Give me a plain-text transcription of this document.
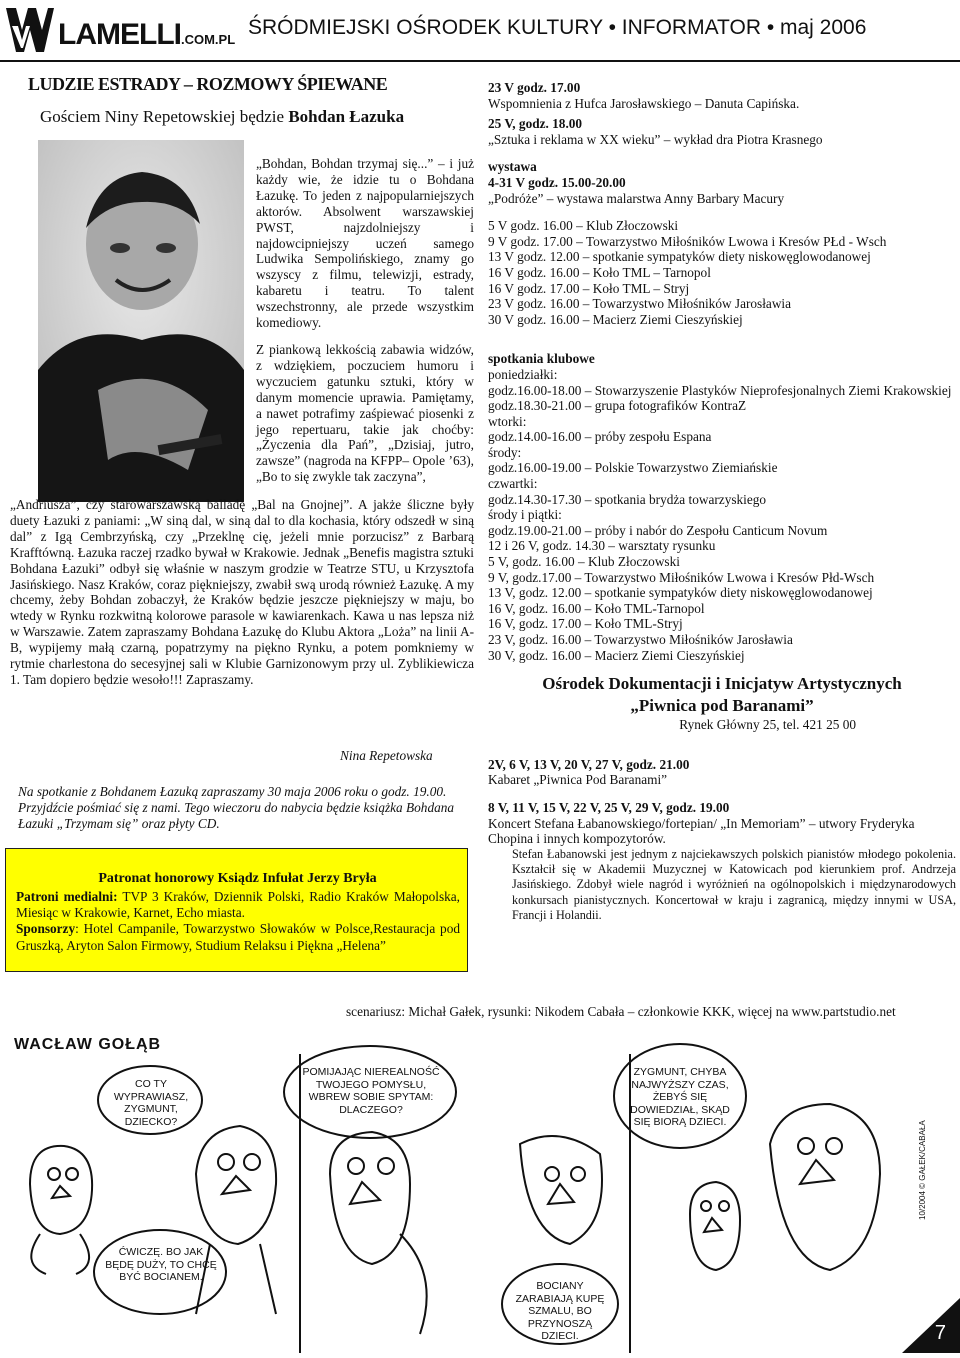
LAMELLI.COM.PL
ŚRÓDMIEJSKI OŚRODEK KULTURY • INFORMATOR • maj 2006
LUDZIE ESTRADY – ROZMOWY ŚPIEWANE
Gościem Niny Repetowskiej będzie Bohdan Łazuka
„Bohdan, Bohdan trzymaj się...” – i już każdy wie, że idzie tu o Bohdana Łazukę. To jeden z najpopularniejszych aktorów. Absolwent warszawskiej PWST, najzdolniejszy i najdowcipniejszy uczeń samego Ludwika Sempolińskiego, znamy go wszyscy z filmu, telewizji, estrady, kabaretu i teatru. To talent wszechstronny, ale przede wszystkim komediowy.
Z piankową lekkością zabawia widzów, z wdziękiem, poczuciem humoru i wyczuciem gatunku sztuki, który w danym momencie uprawia. Pamiętamy, a nawet potrafimy zaśpiewać piosenki z jego repertuaru, takie jak choćby: „Życzenia dla Pań”, „Dzisiaj, jutro, zawsze” (nagroda na KFPP– Opole ’63), „Bo to się zwykle tak zaczyna”,
„Andriusza”, czy starowarszawską balladę „Bal na Gnojnej”. A jakże śliczne były duety Łazuki z paniami: „W siną dal, w siną dal to dla kochasia, który odszedł w siną dal” z Igą Cembrzyńską, czy „Przeklnę cię, jeżeli mnie porzucisz” z Barbarą Krafftówną. Łazuka raczej rzadko bywał w Krakowie. Jednak „Benefis magistra sztuki Bohdana Łazuki” odbył się właśnie w naszym grodzie w Teatrze STU, u Krzysztofa Jasińskiego. Nasz Kraków, coraz piękniejszy, zwabił swą urodą również Łazukę. A my chcemy, żeby Bohdan zobaczył, że Kraków będzie jeszcze piękniejszy w maju, bo wtedy w Rynku rozkwitną kolorowe parasole w kawiarenkach. Kawa u nas lepsza niż w Warszawie. Zatem zapraszamy Bohdana Łazukę do Klubu Aktora „Loża” na linii A-B, wypijemy małą czarną, popatrzymy na piękno Rynku, a potem pomkniemy w rytmie charlestona do secesyjnej sali w Klubie Garnizonowym przy ul. Zyblikiewicza 1. Tam dopiero będzie wesoło!!! Zapraszamy.
Nina Repetowska
Na spotkanie z Bohdanem Łazuką zapraszamy 30 maja 2006 roku o godz. 19.00. Przyjdźcie pośmiać się z nami. Tego wieczoru do nabycia będzie książka Bohdana Łazuki „Trzymam się” oraz płyty CD.
Patronat honorowy Ksiądz Infułat Jerzy Bryła
Patroni medialni: TVP 3 Kraków, Dziennik Polski, Radio Kraków Małopolska, Miesiąc w Krakowie, Karnet, Echo miasta.
Sponsorzy: Hotel Campanile, Towarzystwo Słowaków w Polsce,Restauracja pod Gruszką, Aryton Salon Firmowy, Studium Relaksu i Piękna „Helena”
23 V godz. 17.00
Wspomnienia z Hufca Jarosławskiego – Danuta Capińska.
25 V, godz. 18.00
„Sztuka i reklama w XX wieku” – wykład dra Piotra Krasnego
wystawa
4-31 V godz. 15.00-20.00
„Podróże” – wystawa malarstwa Anny Barbary Macury
5 V godz. 16.00 – Klub Złoczowski
9 V godz. 17.00 – Towarzystwo Miłośników Lwowa i Kresów PŁd - Wsch
13 V godz. 12.00 – spotkanie sympatyków diety niskowęglowodanowej
16 V godz. 16.00 – Koło TML – Tarnopol
16 V godz. 17.00 – Koło TML – Stryj
23 V godz. 16.00 – Towarzystwo Miłośników Jarosławia
30 V godz. 16.00 – Macierz Ziemi Cieszyńskiej
spotkania klubowe
poniedziałki:
godz.16.00-18.00 – Stowarzyszenie Plastyków Nieprofesjonalnych Ziemi Krakowskiej
godz.18.30-21.00 – grupa fotografików KontraZ
wtorki:
godz.14.00-16.00 – próby zespołu Espana
środy:
godz.16.00-19.00 – Polskie Towarzystwo Ziemiańskie
czwartki:
godz.14.30-17.30 – spotkania brydża towarzyskiego
środy i piątki:
godz.19.00-21.00 – próby i nabór do Zespołu Canticum Novum
12 i 26 V, godz. 14.30 – warsztaty rysunku
5 V, godz. 16.00 – Klub Złoczowski
9 V, godz.17.00 – Towarzystwo Miłośników Lwowa i Kresów Płd-Wsch
13 V, godz. 12.00 – spotkanie sympatyków diety niskowęglowodanowej
16 V, godz. 16.00 – Koło TML-Tarnopol
16 V, godz. 17.00 – Koło TML-Stryj
23 V, godz. 16.00 – Towarzystwo Miłośników Jarosławia
30 V, godz. 16.00 – Macierz Ziemi Cieszyńskiej
Ośrodek Dokumentacji i Inicjatyw Artystycznych
„Piwnica pod Baranami”
Rynek Główny 25, tel. 421 25 00
2V, 6 V, 13 V, 20 V, 27 V, godz. 21.00
Kabaret „Piwnica Pod Baranami”
8 V, 11 V, 15 V, 22 V, 25 V, 29 V, godz. 19.00
Koncert Stefana Łabanowskiego/fortepian/ „In Memoriam” – utwory Fryderyka Chopina i innych kompozytorów.
Stefan Łabanowski jest jednym z najciekawszych polskich pianistów młodego pokolenia. Kształcił się w Akademii Muzycznej w Katowicach pod kierunkiem prof. Andrzeja Jasińskiego. Zdobył wiele nagród i wyróżnień na ogólnopolskich i międzynarodowych konkursach pianistycznych. Koncertował w kraju i zagranicą, między innymi w USA, Francji i Holandii.
scenariusz: Michał Gałek, rysunki: Nikodem Cabała – członkowie KKK, więcej na www.partstudio.net
WACŁAW GOŁĄB
CO TY WYPRAWIASZ, ZYGMUNT, DZIECKO?
ĆWICZĘ. BO JAK BĘDĘ DUŻY, TO CHCĘ BYĆ BOCIANEM.
POMIJAJĄC NIEREALNOŚĆ TWOJEGO POMYSŁU, WBREW SOBIE SPYTAM: DLACZEGO?
BOCIANY ZARABIAJĄ KUPĘ SZMALU, BO PRZYNOSZĄ DZIECI.
ZYGMUNT, CHYBA NAJWYŻSZY CZAS, ŻEBYŚ SIĘ DOWIEDZIAŁ, SKĄD SIĘ BIORĄ DZIECI.	10/2004 © GAŁEK/CABAŁA
7
